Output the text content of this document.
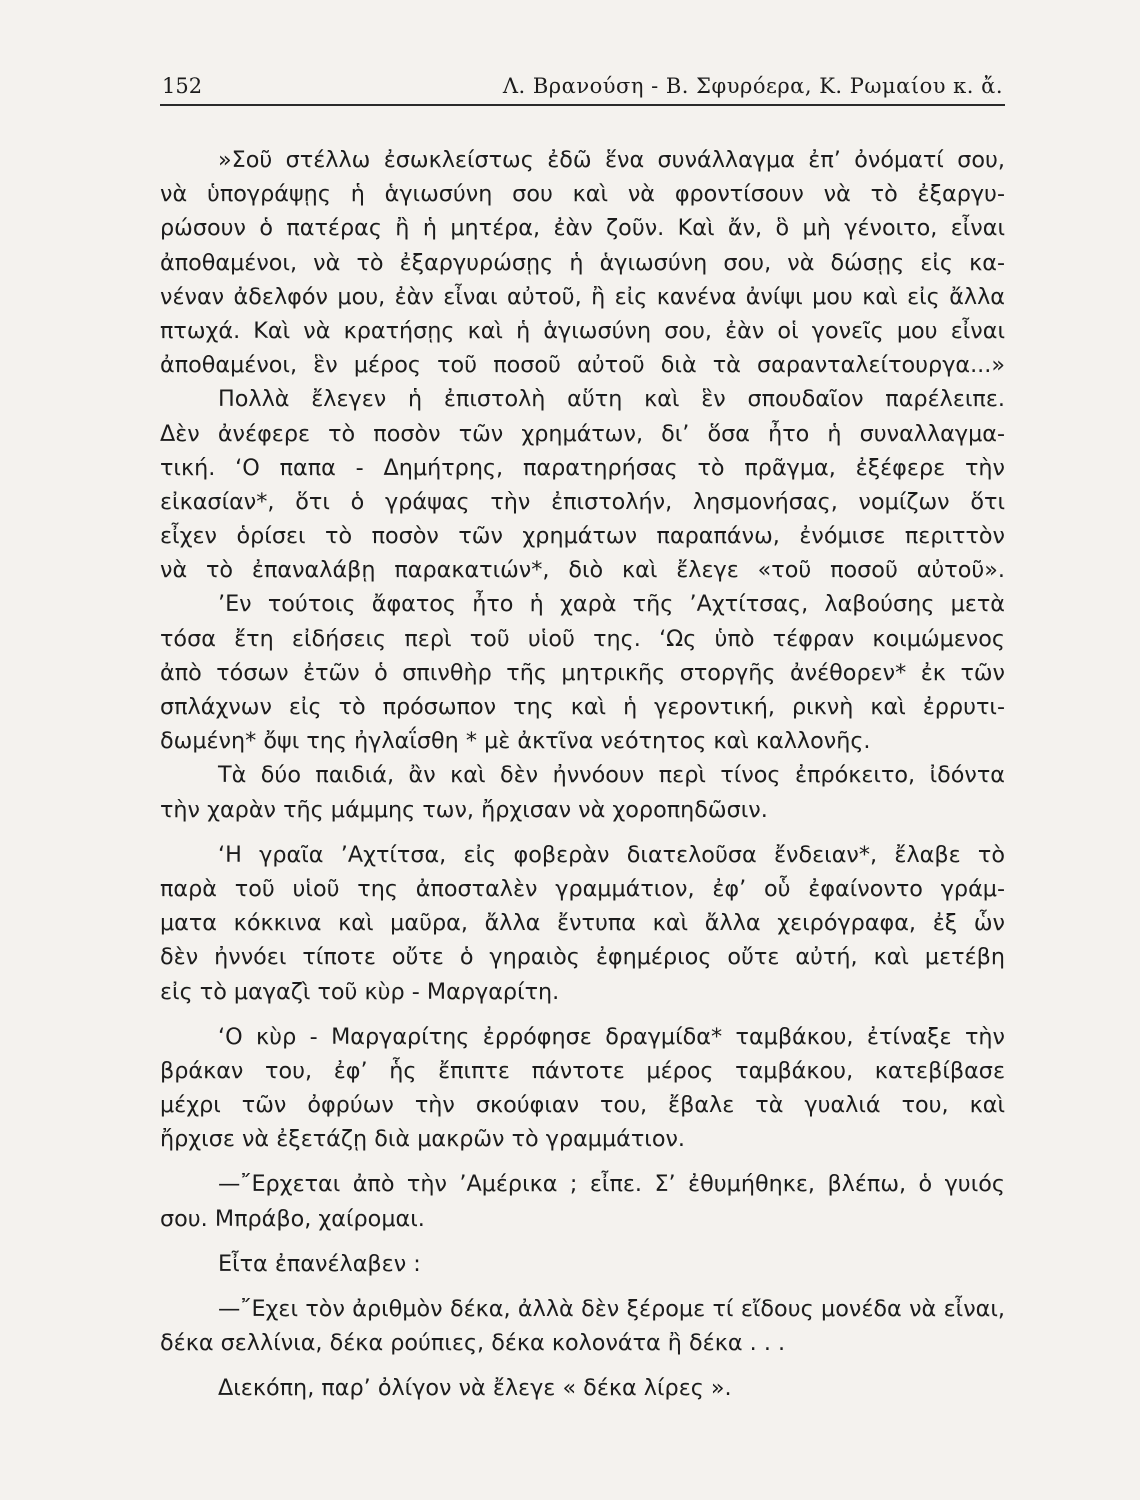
152	Λ. Βρανούση - Β. Σφυρόερα, Κ. Ρωμαίου κ. ἄ.
»Σοῦ στέλλω ἐσωκλείστως ἐδῶ ἕνα συνάλλαγμα ἐπ’ ὀνόματί σου,
νὰ ὑπογράψῃς ἡ ἁγιωσύνη σου καὶ νὰ φροντίσουν νὰ τὸ ἐξαργυ-
ρώσουν ὁ πατέρας ἢ ἡ μητέρα, ἐὰν ζοῦν. Καὶ ἄν, ὃ μὴ γένοιτο, εἶναι
ἀποθαμένοι, νὰ τὸ ἐξαργυρώσῃς ἡ ἁγιωσύνη σου, νὰ δώσῃς εἰς κα-
νέναν ἀδελφόν μου, ἐὰν εἶναι αὐτοῦ, ἢ εἰς κανένα ἀνίψι μου καὶ εἰς ἄλλα
πτωχά. Καὶ νὰ κρατήσῃς καὶ ἡ ἁγιωσύνη σου, ἐὰν οἱ γονεῖς μου εἶναι
ἀποθαμένοι, ἓν μέρος τοῦ ποσοῦ αὐτοῦ διὰ τὰ σαρανταλείτουργα...»
Πολλὰ ἔλεγεν ἡ ἐπιστολὴ αὕτη καὶ ἓν σπουδαῖον παρέλειπε.
Δὲν ἀνέφερε τὸ ποσὸν τῶν χρημάτων, δι’ ὅσα ἦτο ἡ συναλλαγμα-
τική. ‘Ο παπα - Δημήτρης, παρατηρήσας τὸ πρᾶγμα, ἐξέφερε τὴν
εἰκασίαν*, ὅτι ὁ γράψας τὴν ἐπιστολήν, λησμονήσας, νομίζων ὅτι
εἶχεν ὁρίσει τὸ ποσὸν τῶν χρημάτων παραπάνω, ἐνόμισε περιττὸν
νὰ τὸ ἐπαναλάβῃ παρακατιών*, διὸ καὶ ἔλεγε «τοῦ ποσοῦ αὐτοῦ».
’Εν τούτοις ἄφατος ἦτο ἡ χαρὰ τῆς ’Αχτίτσας, λαβούσης μετὰ
τόσα ἔτη εἰδήσεις περὶ τοῦ υἱοῦ της. ‘Ως ὑπὸ τέφραν κοιμώμενος
ἀπὸ τόσων ἐτῶν ὁ σπινθὴρ τῆς μητρικῆς στοργῆς ἀνέθορεν* ἐκ τῶν
σπλάχνων εἰς τὸ πρόσωπον της καὶ ἡ γεροντική, ρικνὴ καὶ ἐρρυτι-
δωμένη* ὄψι της ἠγλαΐσθη * μὲ ἀκτῖνα νεότητος καὶ καλλονῆς.
Τὰ δύο παιδιά, ἂν καὶ δὲν ἠννόουν περὶ τίνος ἐπρόκειτο, ἰδόντα
τὴν χαρὰν τῆς μάμμης των, ἤρχισαν νὰ χοροπηδῶσιν.
‘Η γραῖα ’Αχτίτσα, εἰς φοβερὰν διατελοῦσα ἔνδειαν*, ἔλαβε τὸ
παρὰ τοῦ υἱοῦ της ἀποσταλὲν γραμμάτιον, ἐφ’ οὗ ἐφαίνοντο γράμ-
ματα κόκκινα καὶ μαῦρα, ἄλλα ἔντυπα καὶ ἄλλα χειρόγραφα, ἐξ ὧν
δὲν ἠννόει τίποτε οὔτε ὁ γηραιὸς ἐφημέριος οὔτε αὐτή, καὶ μετέβη
εἰς τὸ μαγαζὶ τοῦ κὺρ - Μαργαρίτη.
‘Ο κὺρ - Μαργαρίτης ἐρρόφησε δραγμίδα* ταμβάκου, ἐτίναξε τὴν
βράκαν του, ἐφ’ ἧς ἔπιπτε πάντοτε μέρος ταμβάκου, κατεβίβασε
μέχρι τῶν ὀφρύων τὴν σκούφιαν του, ἔβαλε τὰ γυαλιά του, καὶ
ἤρχισε νὰ ἐξετάζῃ διὰ μακρῶν τὸ γραμμάτιον.
—῎Ερχεται ἀπὸ τὴν ’Αμέρικα ; εἶπε. Σ’ ἐθυμήθηκε, βλέπω, ὁ γυιός
σου. Μπράβο, χαίρομαι.
Εἶτα ἐπανέλαβεν :
—῎Εχει τὸν ἀριθμὸν δέκα, ἀλλὰ δὲν ξέρομε τί εἴδους μονέδα νὰ εἶναι,
δέκα σελλίνια, δέκα ρούπιες, δέκα κολονάτα ἢ δέκα . . .
Διεκόπη, παρ’ ὀλίγον νὰ ἔλεγε « δέκα λίρες ».
